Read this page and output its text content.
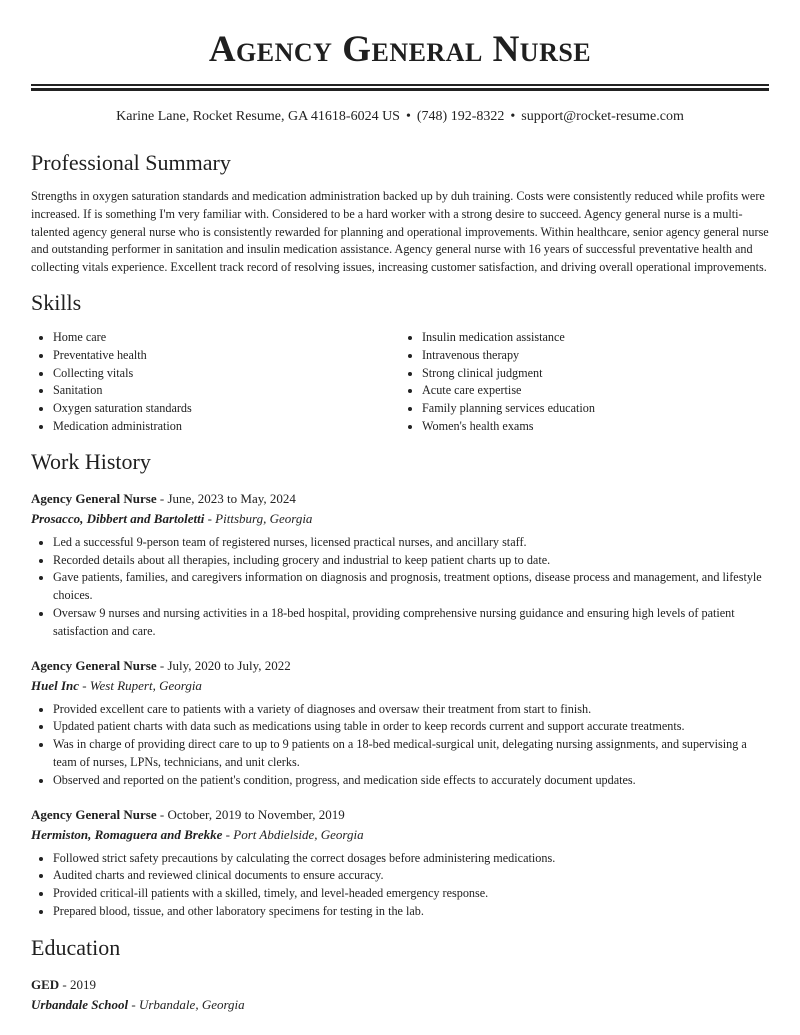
Agency General Nurse
Karine Lane, Rocket Resume, GA 41618-6024 US • (748) 192-8322 • support@rocket-resume.com
Professional Summary

Strengths in oxygen saturation standards and medication administration backed up by duh training. Costs were consistently reduced while profits were increased. If is something I'm very familiar with. Considered to be a hard worker with a strong desire to succeed. Agency general nurse is a multi-talented agency general nurse who is consistently rewarded for planning and operational improvements. Within healthcare, senior agency general nurse and outstanding performer in sanitation and insulin medication assistance. Agency general nurse with 16 years of successful preventative health and collecting vitals experience. Excellent track record of resolving issues, increasing customer satisfaction, and driving overall operational improvements.

Skills
• Home care
• Preventative health
• Collecting vitals
• Sanitation
• Oxygen saturation standards
• Medication administration
• Insulin medication assistance
• Intravenous therapy
• Strong clinical judgment
• Acute care expertise
• Family planning services education
• Women's health exams
Work History
Agency General Nurse - June, 2023 to May, 2024
Prosacco, Dibbert and Bartoletti - Pittsburg, Georgia
• Led a successful 9-person team of registered nurses, licensed practical nurses, and ancillary staff.
• Recorded details about all therapies, including grocery and industrial to keep patient charts up to date.
• Gave patients, families, and caregivers information on diagnosis and prognosis, treatment options, disease process and management, and lifestyle choices.
• Oversaw 9 nurses and nursing activities in a 18-bed hospital, providing comprehensive nursing guidance and ensuring high levels of patient satisfaction and care.
Agency General Nurse - July, 2020 to July, 2022
Huel Inc - West Rupert, Georgia
• Provided excellent care to patients with a variety of diagnoses and oversaw their treatment from start to finish.
• Updated patient charts with data such as medications using table in order to keep records current and support accurate treatments.
• Was in charge of providing direct care to up to 9 patients on a 18-bed medical-surgical unit, delegating nursing assignments, and supervising a team of nurses, LPNs, technicians, and unit clerks.
• Observed and reported on the patient's condition, progress, and medication side effects to accurately document updates.
Agency General Nurse - October, 2019 to November, 2019
Hermiston, Romaguera and Brekke - Port Abdielside, Georgia
• Followed strict safety precautions by calculating the correct dosages before administering medications.
• Audited charts and reviewed clinical documents to ensure accuracy.
• Provided critical-ill patients with a skilled, timely, and level-headed emergency response.
• Prepared blood, tissue, and other laboratory specimens for testing in the lab.
Education
GED - 2019
Urbandale School - Urbandale, Georgia
